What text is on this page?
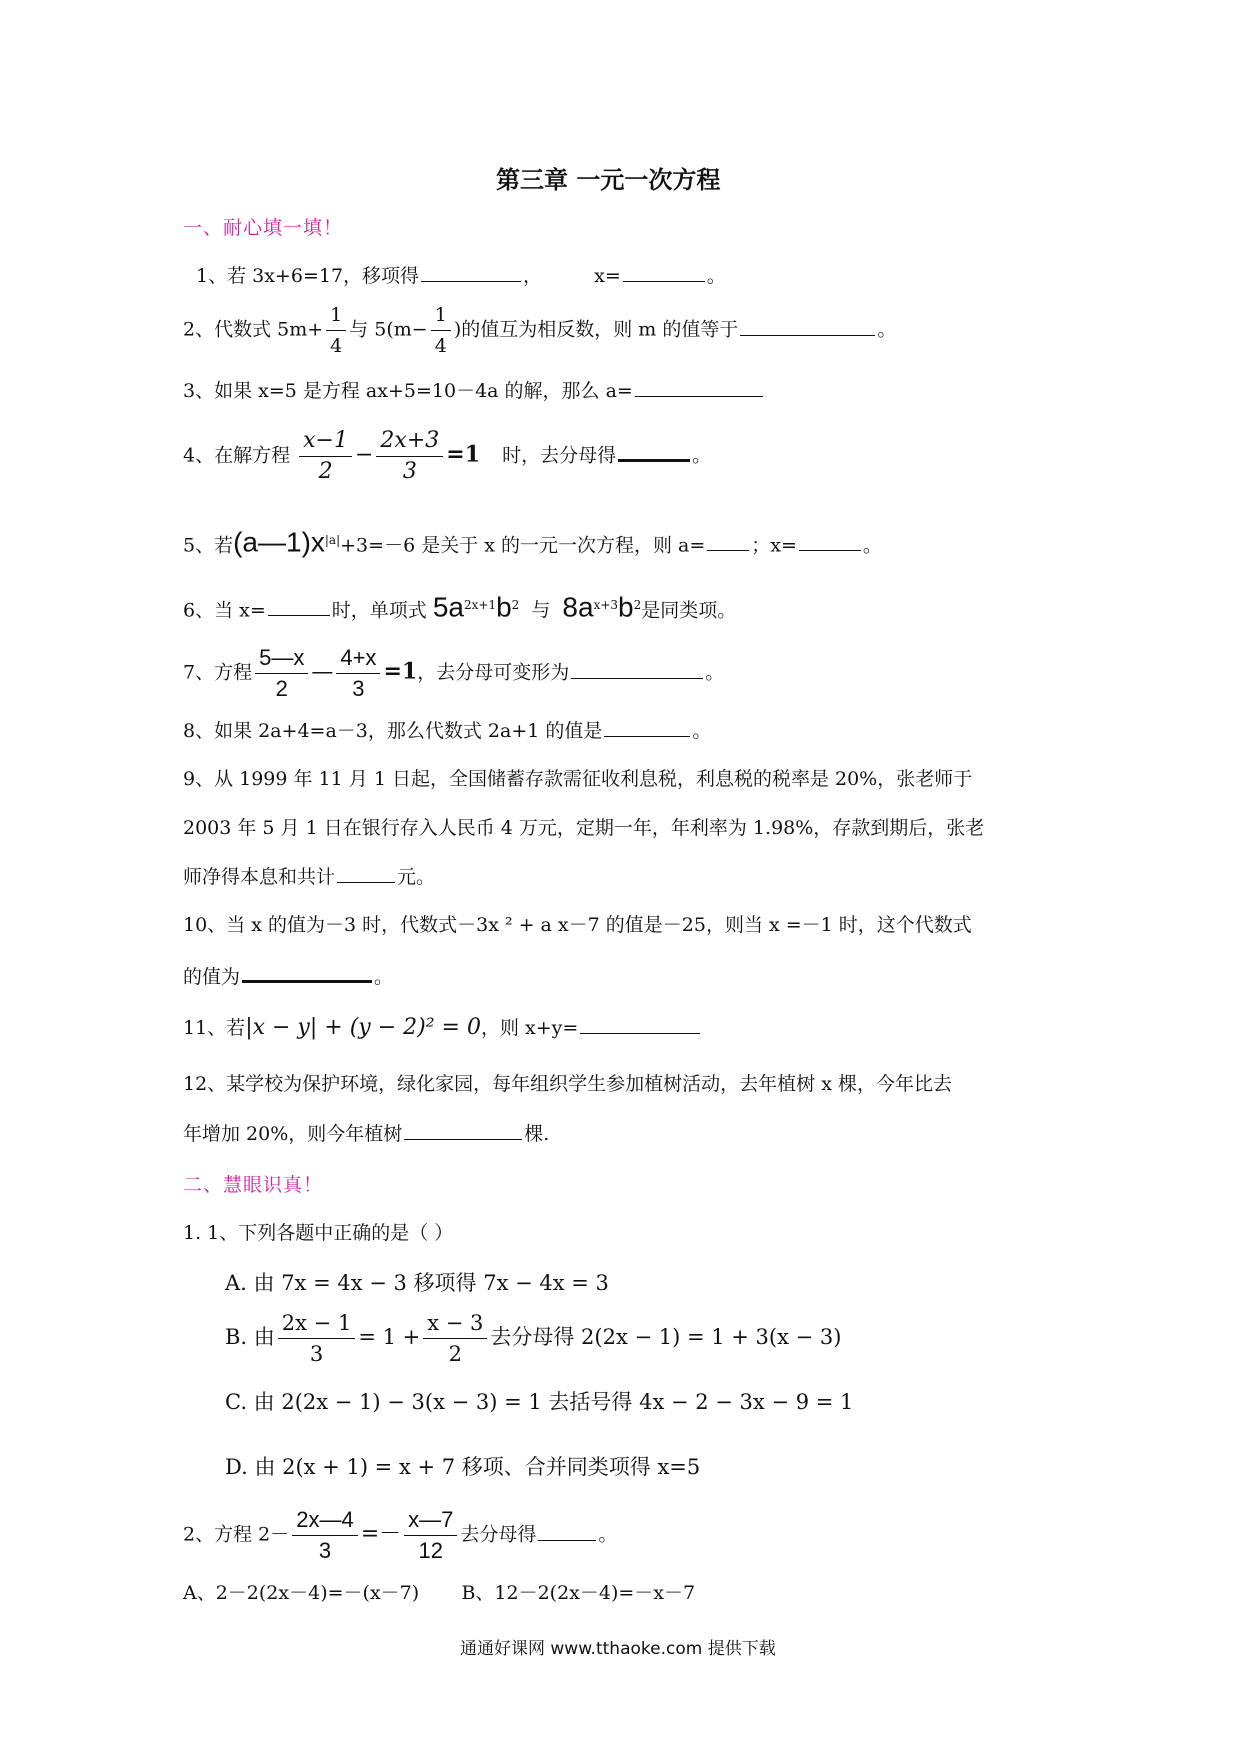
第三章 一元一次方程
一、耐心填一填！
1、若 3x+6=17，移项得	，	x=	。
2、代数式 $5m+ \frac{1}{4}$ 与 $5(m- \frac{1}{4}$ )的值互为相反数，则 m 的值等于	。
3、如果 x=5 是方程 ax+5=10－4a 的解，那么 a=
4、在解方程 $\frac{x-1}{2} - \frac{2x+3}{3} =1$ 时，去分母得	。
5、若$(a—1)x^{|a|}+3=-6$ 是关于 x 的一元一次方程，则 a= ；x=	。
6、当 x=	时，单项式 $5a^{2x+1}b^2$ 与 $8a^{x+3}b^2$是同类项。
7、方程 $\frac{5—x}{2}$ — $\frac{4+x}{3} =1$，去分母可变形为	。
8、如果 2a+4=a－3，那么代数式 2a+1 的值是	。
9、从 1999 年 11 月 1 日起，全国储蓄存款需征收利息税，利息税的税率是 20%，张老师于
2003 年 5 月 1 日在银行存入人民币 4 万元，定期一年，年利率为 1.98%，存款到期后，张老
师净得本息和共计	元。
10、当 x 的值为－3 时，代数式－3x ² + a x－7 的值是－25，则当 x =－1 时，这个代数式
的值为	。
11、若|x − y| + (y − 2)² = 0，则 x+y=
12、某学校为保护环境，绿化家园，每年组织学生参加植树活动，去年植树 x 棵，今年比去
年增加 20%，则今年植树	棵.
二、慧眼识真！
1. 1、下列各题中正确的是（ ）
A. 由 7x = 4x − 3 移项得 7x − 4x = 3
B. 由 $\frac{2x - 1}{3} = 1 + \frac{x - 3}{2}$ 去分母得 2(2x − 1) = 1 + 3(x − 3)
C. 由 2(2x − 1) − 3(x − 3) = 1 去括号得 4x − 2 − 3x − 9 = 1
D. 由 2(x + 1) = x + 7 移项、合并同类项得 x=5
2、方程 $2- \frac{2x—4}{3} =- \frac{x—7}{12}$ 去分母得	。
A、2－2(2x－4)=－(x－7)       B、12－2(2x－4)=－x－7
通通好课网 www.tthaoke.com 提供下载
